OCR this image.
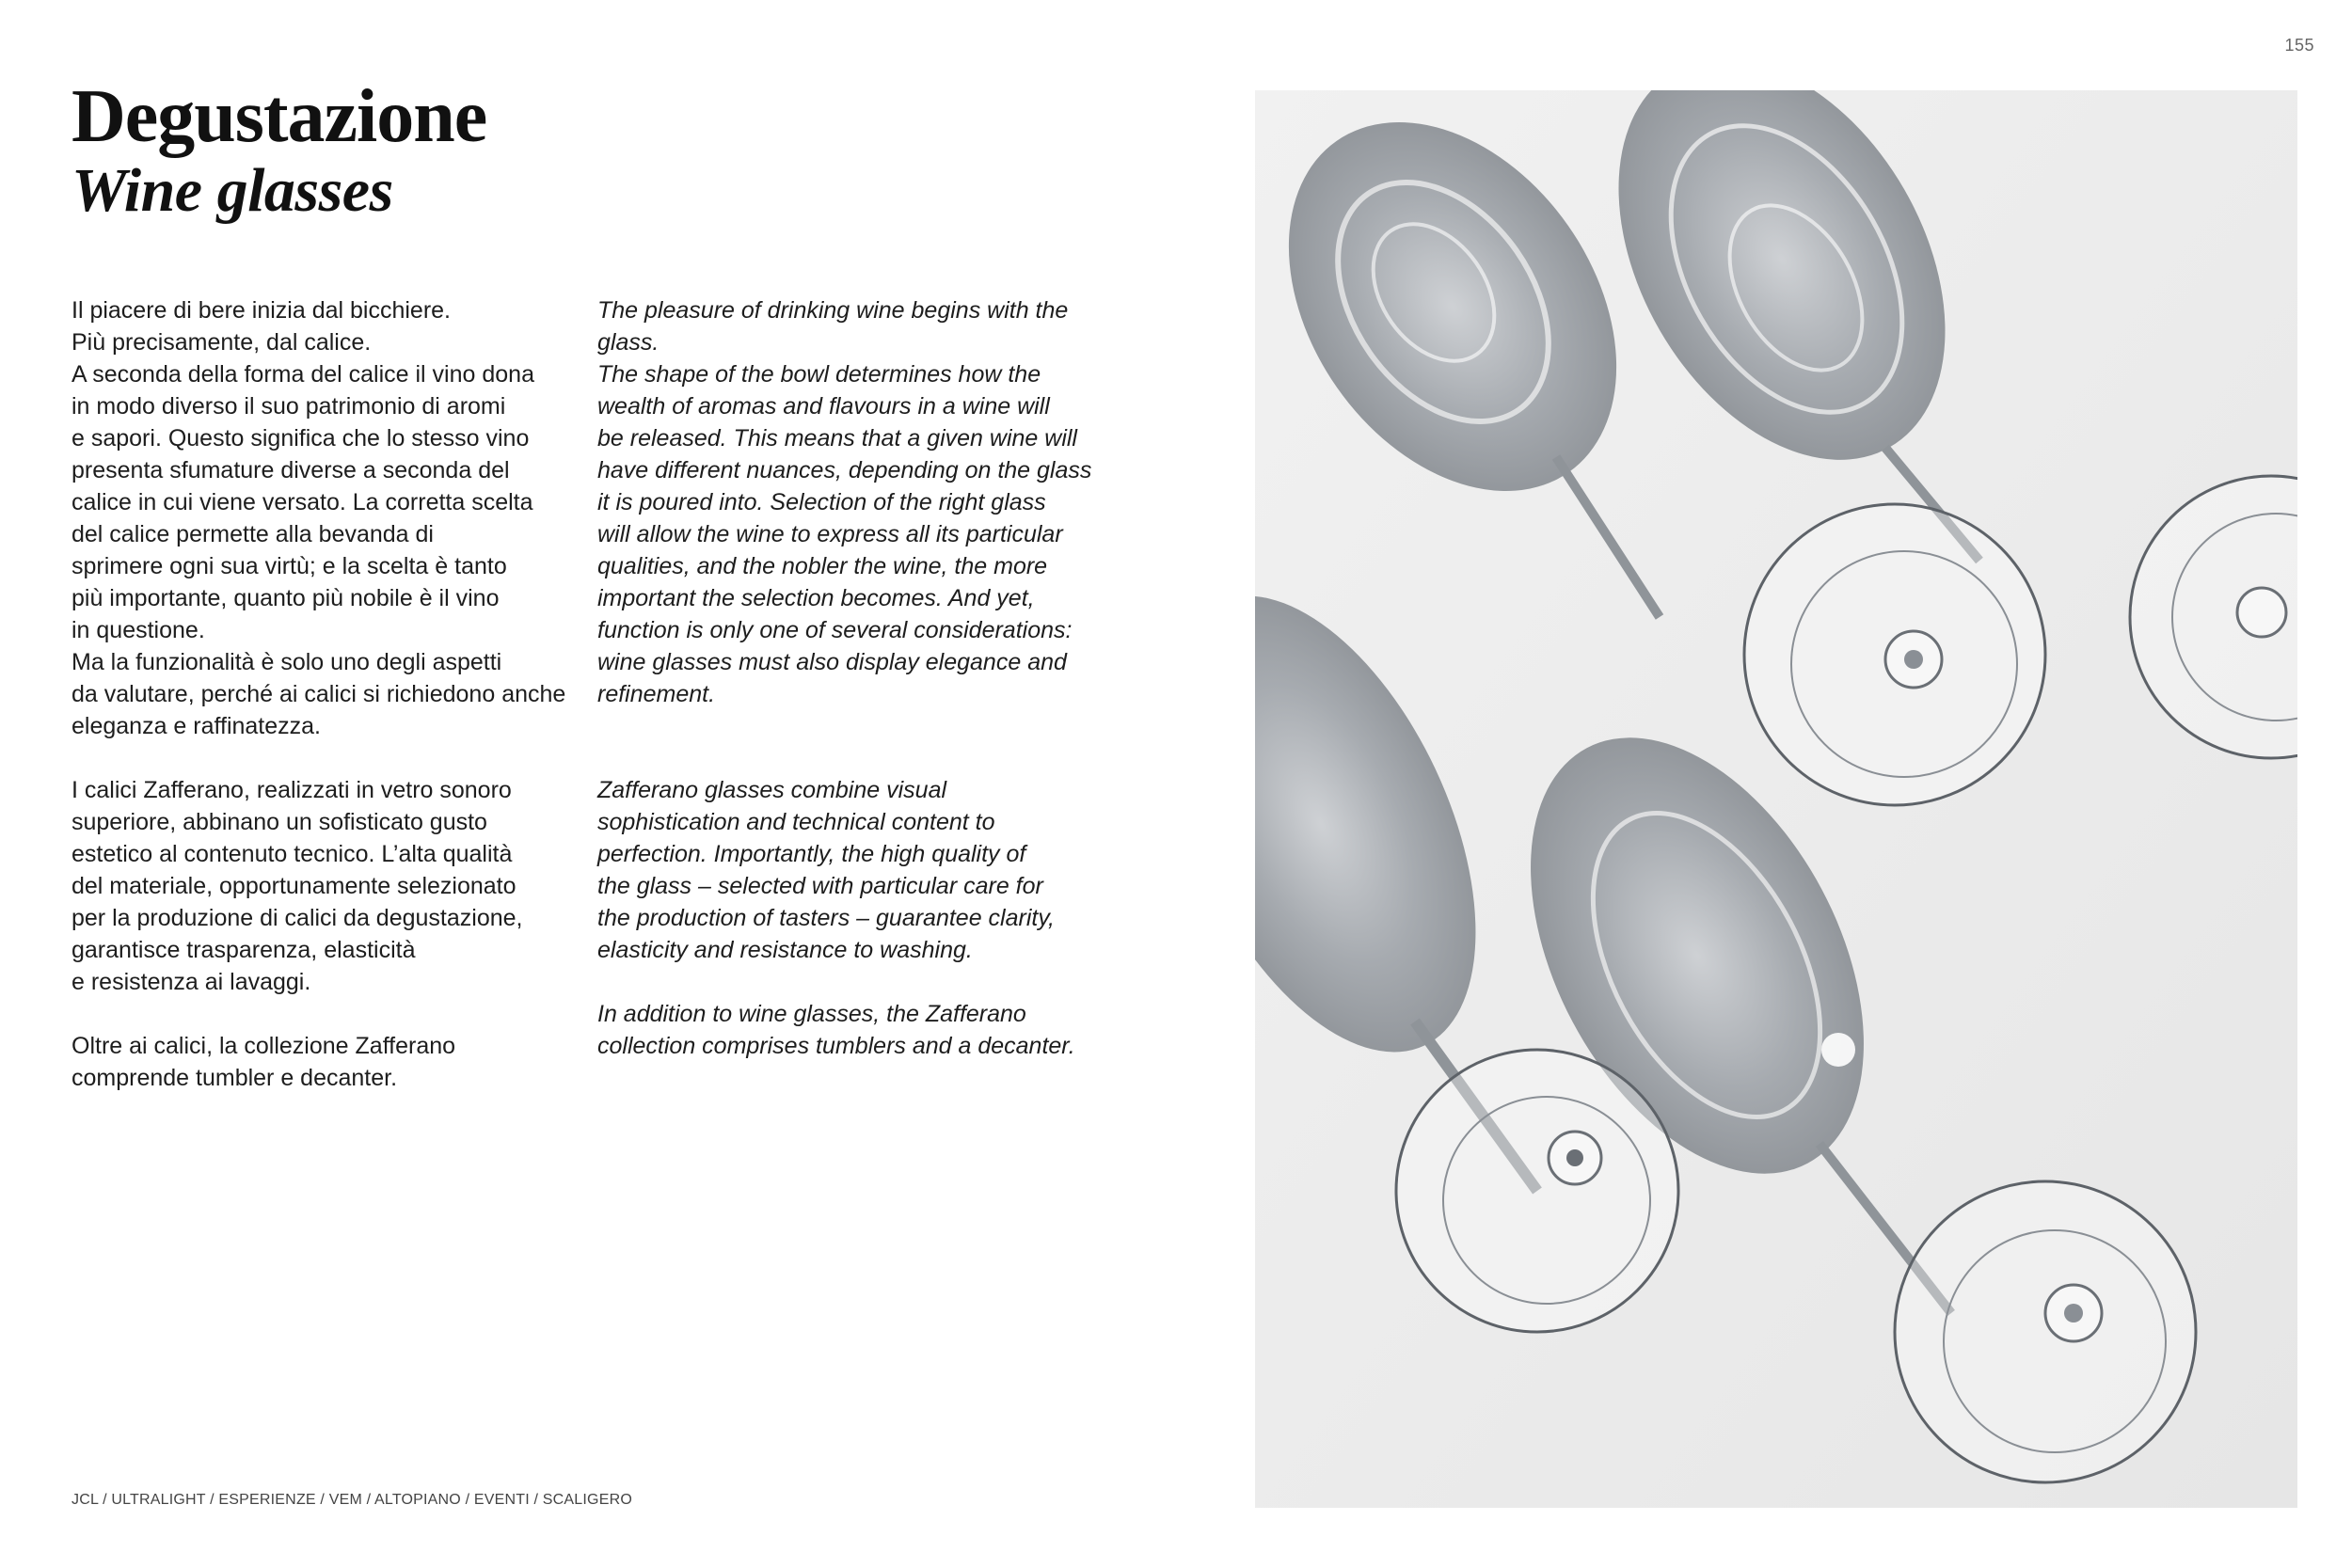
155
Degustazione
Wine glasses

Il piacere di bere inizia dal bicchiere.
Più precisamente, dal calice.
A seconda della forma del calice il vino dona
in modo diverso il suo patrimonio di aromi
e sapori. Questo significa che lo stesso vino
presenta sfumature diverse a seconda del
calice in cui viene versato. La corretta scelta
del calice permette alla bevanda di
sprimere ogni sua virtù; e la scelta è tanto
più importante, quanto più nobile è il vino
in questione.
Ma la funzionalità è solo uno degli aspetti
da valutare, perché ai calici si richiedono anche
eleganza e raffinatezza.

I calici Zafferano, realizzati in vetro sonoro
superiore, abbinano un sofisticato gusto
estetico al contenuto tecnico. L’alta qualità
del materiale, opportunamente selezionato
per la produzione di calici da degustazione,
garantisce trasparenza, elasticità
e resistenza ai lavaggi.

Oltre ai calici, la collezione Zafferano
comprende tumbler e decanter.

The pleasure of drinking wine begins with the
glass.
The shape of the bowl determines how the
wealth of aromas and flavours in a wine will
be released. This means that a given wine will
have different nuances, depending on the glass
it is poured into. Selection of the right glass
will allow the wine to express all its particular
qualities, and the nobler the wine, the more
important the selection becomes. And yet,
function is only one of several considerations:
wine glasses must also display elegance and
refinement.

Zafferano glasses combine visual
sophistication and technical content to
perfection. Importantly, the high quality of
the glass – selected with particular care for
the production of tasters – guarantee clarity,
elasticity and resistance to washing.

In addition to wine glasses, the Zafferano
collection comprises tumblers and a decanter.

JCL / ULTRALIGHT / ESPERIENZE / VEM / ALTOPIANO / EVENTI / SCALIGERO
